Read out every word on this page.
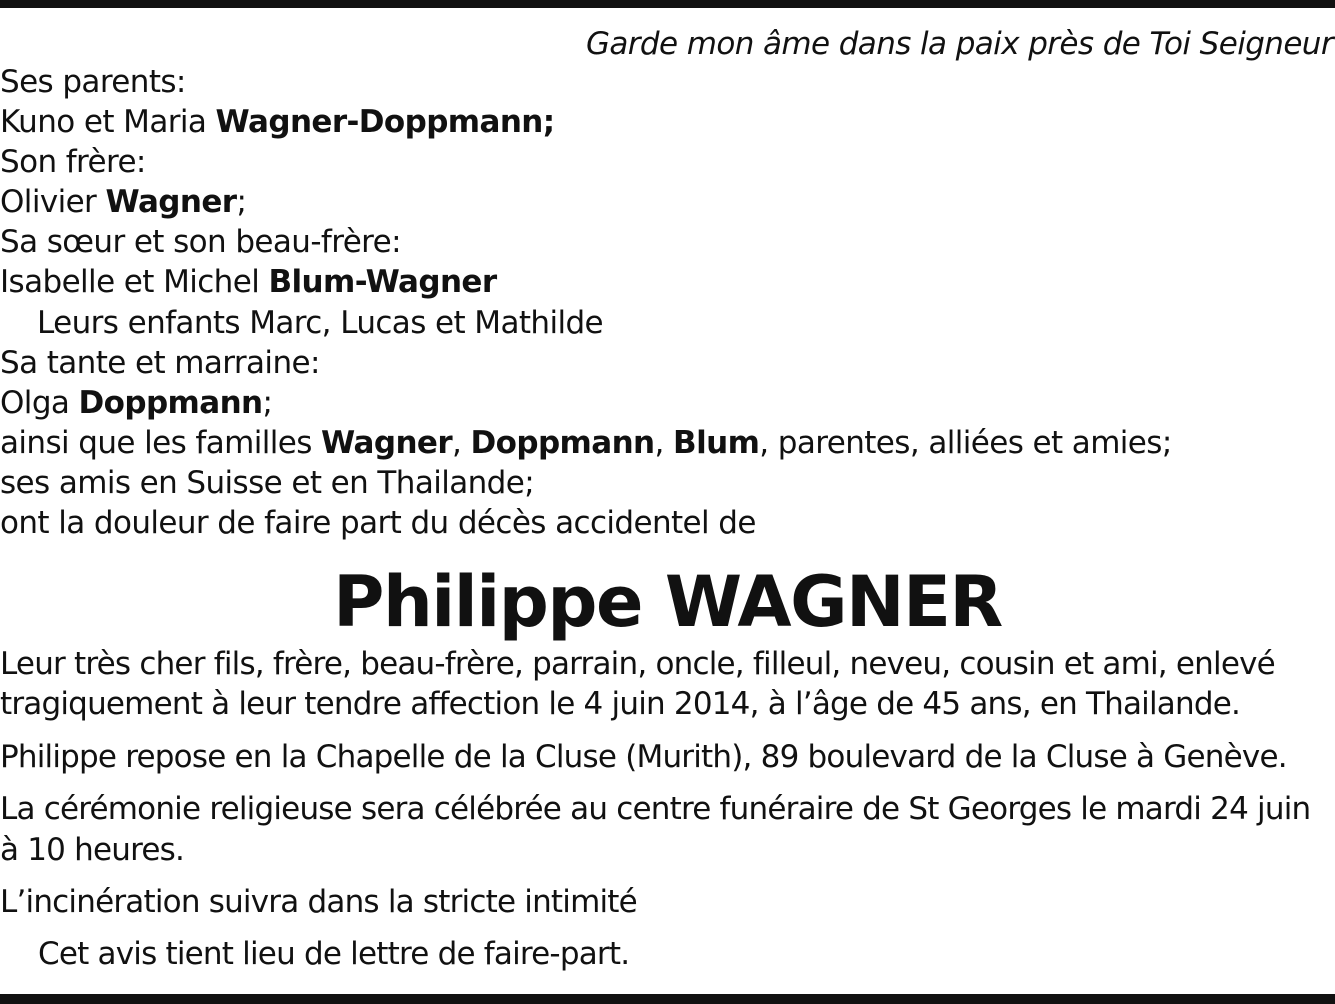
Garde mon âme dans la paix près de Toi Seigneur
Ses parents:
Kuno et Maria Wagner-Doppmann;
Son frère:
Olivier Wagner;
Sa sœur et son beau-frère:
Isabelle et Michel Blum-Wagner
Leurs enfants Marc, Lucas et Mathilde
Sa tante et marraine:
Olga Doppmann;
ainsi que les familles Wagner, Doppmann, Blum, parentes, alliées et amies;
ses amis en Suisse et en Thailande;
ont la douleur de faire part du décès accidentel de
Philippe WAGNER
Leur très cher fils, frère, beau-frère, parrain, oncle, filleul, neveu, cousin et ami, enlevé
tragiquement à leur tendre affection le 4 juin 2014, à l’âge de 45 ans, en Thailande.
Philippe repose en la Chapelle de la Cluse (Murith), 89 boulevard de la Cluse à Genève.
La cérémonie religieuse sera célébrée au centre funéraire de St Georges le mardi 24 juin
à 10 heures.
L’incinération suivra dans la stricte intimité
Cet avis tient lieu de lettre de faire-part.
